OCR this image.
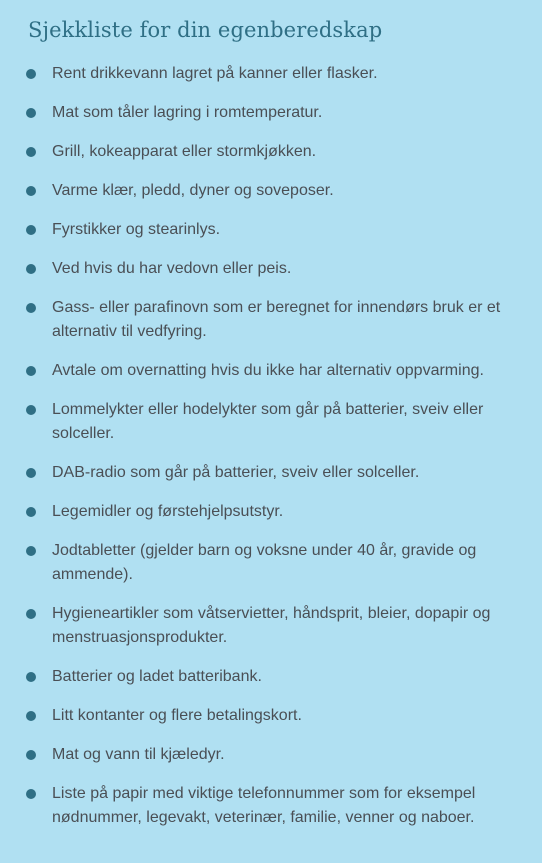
Sjekkliste for din egenberedskap
Rent drikkevann lagret på kanner eller flasker.
Mat som tåler lagring i romtemperatur.
Grill, kokeapparat eller stormkjøkken.
Varme klær, pledd, dyner og soveposer.
Fyrstikker og stearinlys.
Ved hvis du har vedovn eller peis.
Gass- eller parafinovn som er beregnet for innendørs bruk er et alternativ til vedfyring.
Avtale om overnatting hvis du ikke har alternativ oppvarming.
Lommelykter eller hodelykter som går på batterier, sveiv eller solceller.
DAB-radio som går på batterier, sveiv eller solceller.
Legemidler og førstehjelpsutstyr.
Jodtabletter (gjelder barn og voksne under 40 år, gravide og ammende).
Hygieneartikler som våtservietter, håndsprit, bleier, dopapir og menstruasjonsprodukter.
Batterier og ladet batteribank.
Litt kontanter og flere betalingskort.
Mat og vann til kjæledyr.
Liste på papir med viktige telefonnummer som for eksempel nødnummer, legevakt, veterinær, familie, venner og naboer.
